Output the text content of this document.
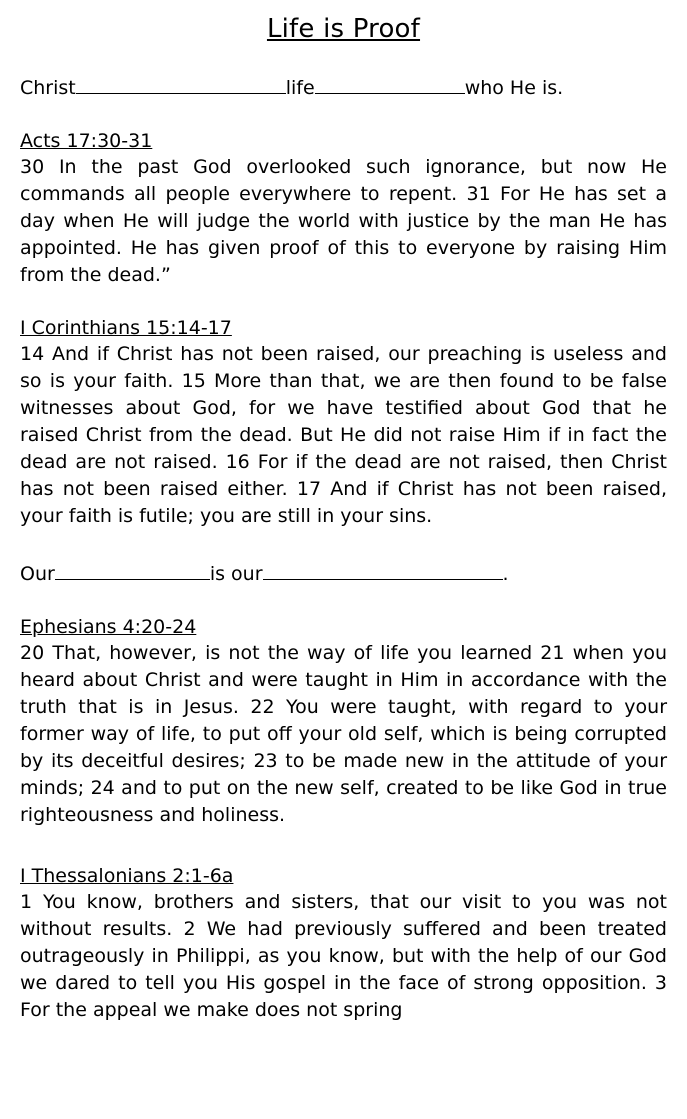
Life is Proof

Christ	life	who He is.

Acts 17:30-31

30 In the past God overlooked such ignorance, but now He commands all people everywhere to repent. 31 For He has set a day when He will judge the world with justice by the man He has appointed. He has given proof of this to everyone by raising Him from the dead.”

I Corinthians 15:14-17

14 And if Christ has not been raised, our preaching is useless and so is your faith. 15 More than that, we are then found to be false witnesses about God, for we have testified about God that he raised Christ from the dead. But He did not raise Him if in fact the dead are not raised. 16 For if the dead are not raised, then Christ has not been raised either. 17 And if Christ has not been raised, your faith is futile; you are still in your sins.

Our	is our	.

Ephesians 4:20-24

20 That, however, is not the way of life you learned 21 when you heard about Christ and were taught in Him in accordance with the truth that is in Jesus. 22 You were taught, with regard to your former way of life, to put off your old self, which is being corrupted by its deceitful desires; 23 to be made new in the attitude of your minds; 24 and to put on the new self, created to be like God in true righteousness and holiness.

I Thessalonians 2:1-6a

1 You know, brothers and sisters, that our visit to you was not without results. 2 We had previously suffered and been treated outrageously in Philippi, as you know, but with the help of our God we dared to tell you His gospel in the face of strong opposition. 3 For the appeal we make does not spring
